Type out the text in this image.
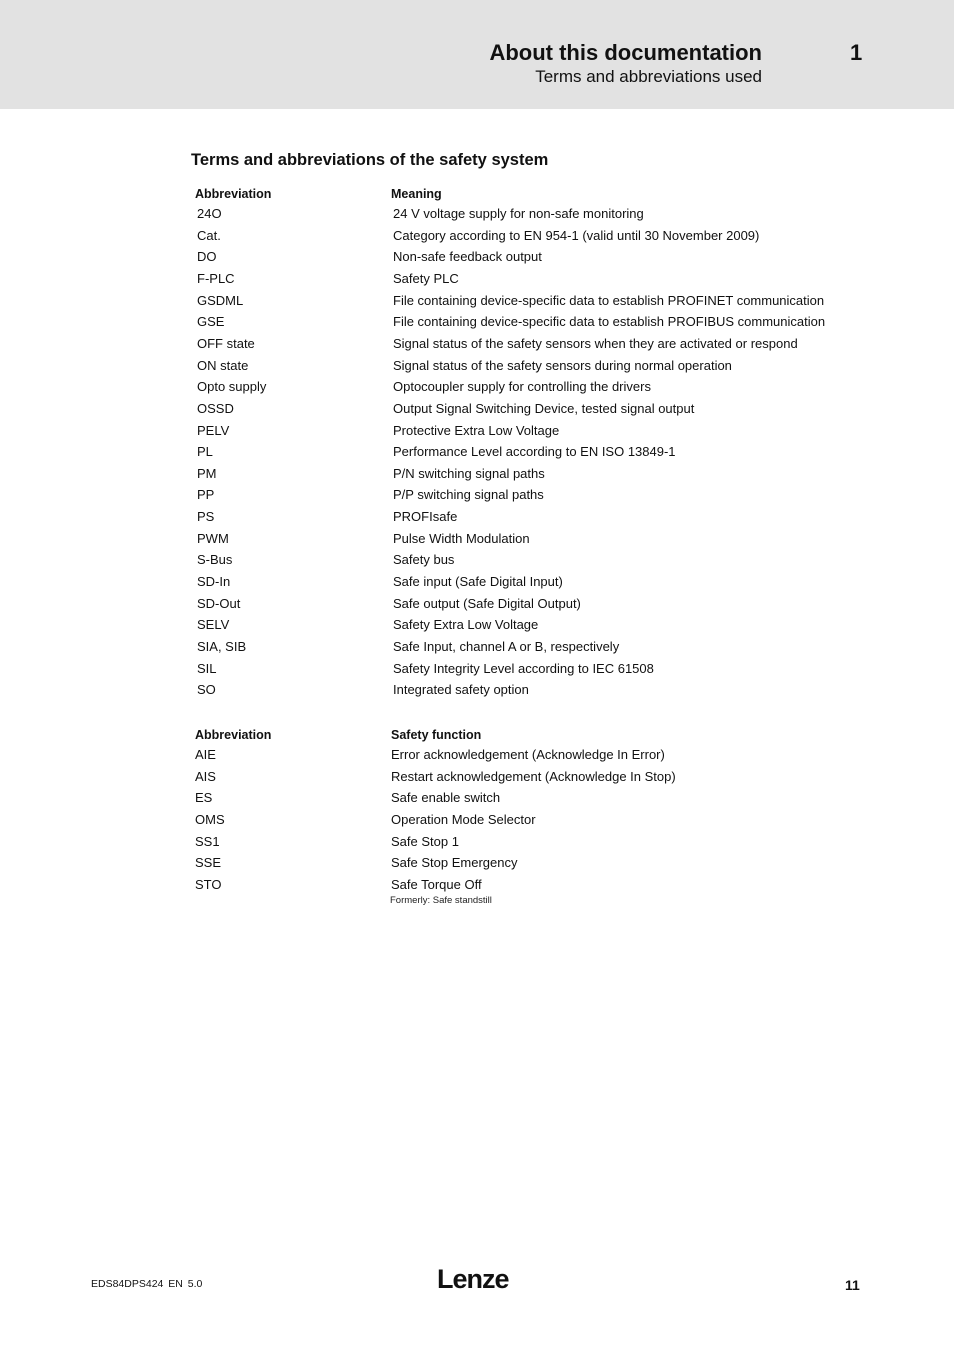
About this documentation	1
Terms and abbreviations used
Terms and abbreviations of the safety system
Abbreviation	Meaning
24O	24 V voltage supply for non-safe monitoring
Cat.	Category according to EN 954-1 (valid until 30 November 2009)
DO	Non-safe feedback output
F-PLC	Safety PLC
GSDML	File containing device-specific data to establish PROFINET communication
GSE	File containing device-specific data to establish PROFIBUS communication
OFF state	Signal status of the safety sensors when they are activated or respond
ON state	Signal status of the safety sensors during normal operation
Opto supply	Optocoupler supply for controlling the drivers
OSSD	Output Signal Switching Device, tested signal output
PELV	Protective Extra Low Voltage
PL	Performance Level according to EN ISO 13849-1
PM	P/N switching signal paths
PP	P/P switching signal paths
PS	PROFIsafe
PWM	Pulse Width Modulation
S-Bus	Safety bus
SD-In	Safe input (Safe Digital Input)
SD-Out	Safe output (Safe Digital Output)
SELV	Safety Extra Low Voltage
SIA, SIB	Safe Input, channel A or B, respectively
SIL	Safety Integrity Level according to IEC 61508
SO	Integrated safety option
Abbreviation	Safety function
AIE	Error acknowledgement (Acknowledge In Error)
AIS	Restart acknowledgement (Acknowledge In Stop)
ES	Safe enable switch
OMS	Operation Mode Selector
SS1	Safe Stop 1
SSE	Safe Stop Emergency
STO	Safe Torque Off
Formerly: Safe standstill
EDS84DPS424 EN 5.0	Lenze	11
